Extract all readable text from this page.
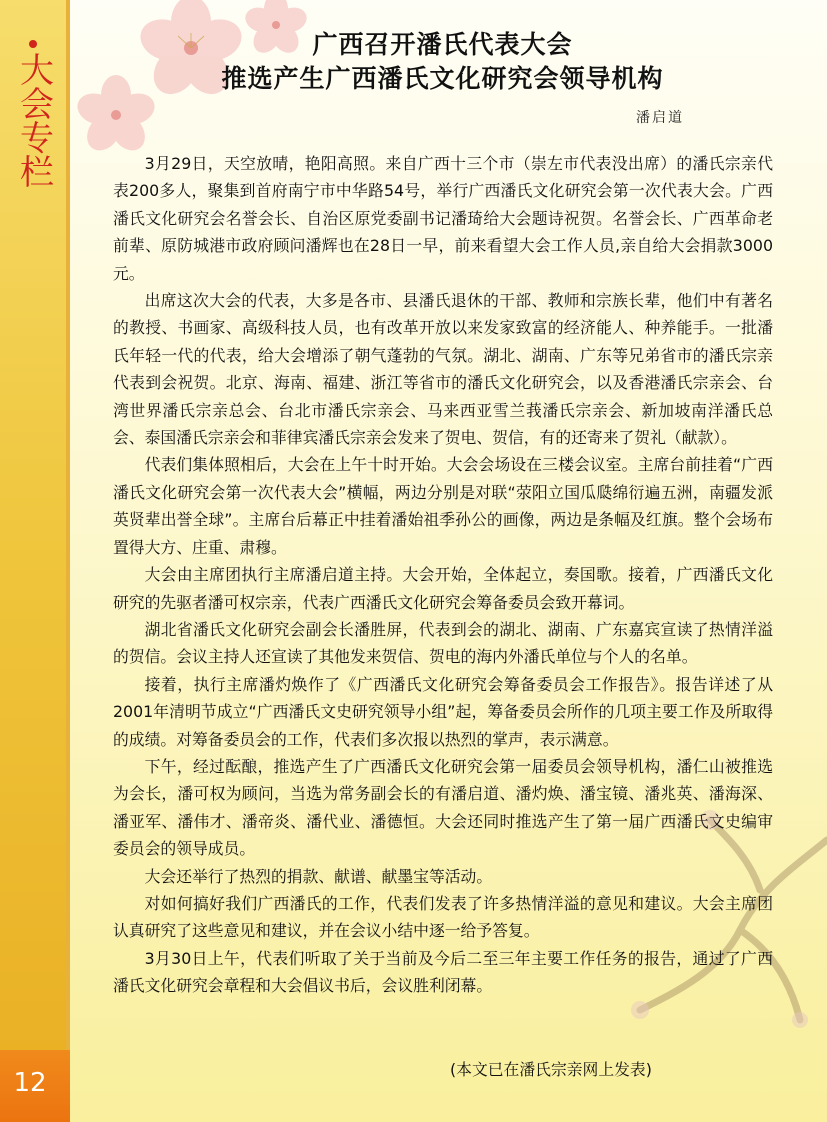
大会专栏
12
广西召开潘氏代表大会
推选产生广西潘氏文化研究会领导机构
潘启道

3月29日，天空放晴，艳阳高照。来自广西十三个市（崇左市代表没出席）的潘氏宗亲代表200多人，聚集到首府南宁市中华路54号，举行广西潘氏文化研究会第一次代表大会。广西潘氏文化研究会名誉会长、自治区原党委副书记潘琦给大会题诗祝贺。名誉会长、广西革命老前辈、原防城港市政府顾问潘辉也在28日一早，前来看望大会工作人员,亲自给大会捐款3000元。

出席这次大会的代表，大多是各市、县潘氏退休的干部、教师和宗族长辈，他们中有著名的教授、书画家、高级科技人员，也有改革开放以来发家致富的经济能人、种养能手。一批潘氏年轻一代的代表，给大会增添了朝气蓬勃的气氛。湖北、湖南、广东等兄弟省市的潘氏宗亲代表到会祝贺。北京、海南、福建、浙江等省市的潘氏文化研究会，以及香港潘氏宗亲会、台湾世界潘氏宗亲总会、台北市潘氏宗亲会、马来西亚雪兰莪潘氏宗亲会、新加坡南洋潘氏总会、泰国潘氏宗亲会和菲律宾潘氏宗亲会发来了贺电、贺信，有的还寄来了贺礼（献款）。

代表们集体照相后，大会在上午十时开始。大会会场设在三楼会议室。主席台前挂着“广西潘氏文化研究会第一次代表大会”横幅，两边分别是对联“荥阳立国瓜瓞绵衍遍五洲，南疆发派英贤辈出誉全球”。主席台后幕正中挂着潘始祖季孙公的画像，两边是条幅及红旗。整个会场布置得大方、庄重、肃穆。

大会由主席团执行主席潘启道主持。大会开始，全体起立，奏国歌。接着，广西潘氏文化研究的先驱者潘可权宗亲，代表广西潘氏文化研究会筹备委员会致开幕词。

湖北省潘氏文化研究会副会长潘胜屏，代表到会的湖北、湖南、广东嘉宾宣读了热情洋溢的贺信。会议主持人还宣读了其他发来贺信、贺电的海内外潘氏单位与个人的名单。

接着，执行主席潘灼焕作了《广西潘氏文化研究会筹备委员会工作报告》。报告详述了从2001年清明节成立“广西潘氏文史研究领导小组”起，筹备委员会所作的几项主要工作及所取得的成绩。对筹备委员会的工作，代表们多次报以热烈的掌声，表示满意。

下午，经过酝酿，推选产生了广西潘氏文化研究会第一届委员会领导机构，潘仁山被推选为会长，潘可权为顾问，当选为常务副会长的有潘启道、潘灼焕、潘宝镜、潘兆英、潘海深、潘亚军、潘伟才、潘帝炎、潘代业、潘德恒。大会还同时推选产生了第一届广西潘氏文史编审委员会的领导成员。

大会还举行了热烈的捐款、献谱、献墨宝等活动。

对如何搞好我们广西潘氏的工作，代表们发表了许多热情洋溢的意见和建议。大会主席团认真研究了这些意见和建议，并在会议小结中逐一给予答复。

3月30日上午，代表们听取了关于当前及今后二至三年主要工作任务的报告，通过了广西潘氏文化研究会章程和大会倡议书后，会议胜利闭幕。

(本文已在潘氏宗亲网上发表)
